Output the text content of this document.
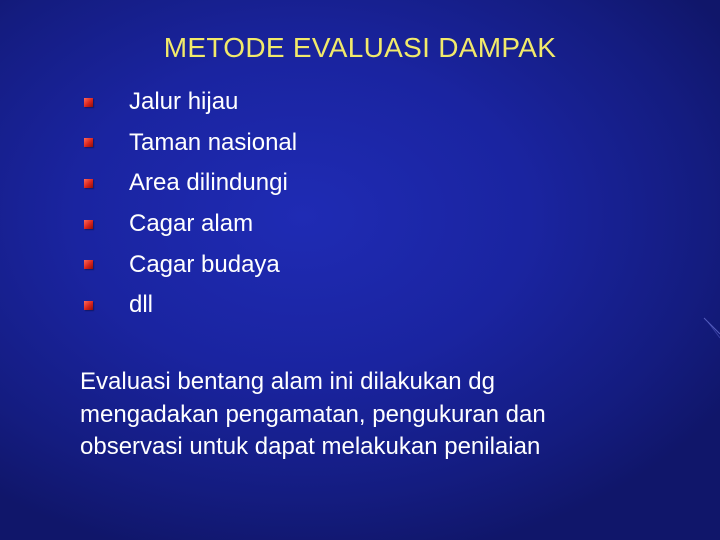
METODE EVALUASI DAMPAK
Jalur hijau
Taman nasional
Area dilindungi
Cagar alam
Cagar budaya
dll

Evaluasi bentang alam ini dilakukan dg
mengadakan pengamatan, pengukuran dan
observasi untuk dapat melakukan penilaian
